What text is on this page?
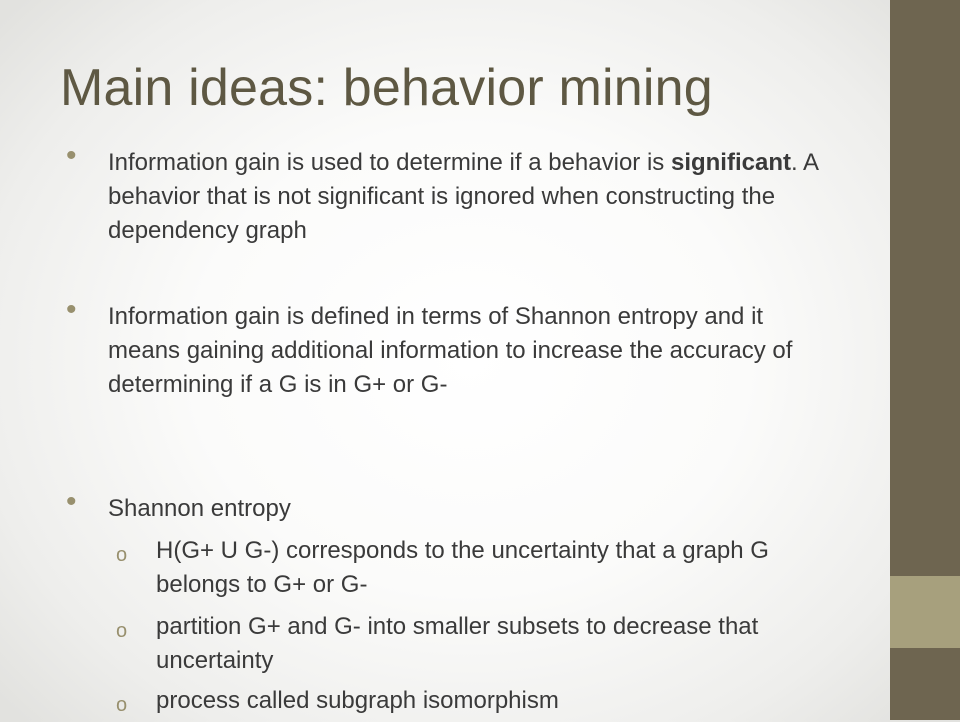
Main ideas: behavior mining
• Information gain is used to determine if a behavior is significant. A behavior that is not significant is ignored when constructing the dependency graph
• Information gain is defined in terms of Shannon entropy and it means gaining additional information to increase the accuracy of determining if a G is in G+ or G-
• Shannon entropy
o H(G+ U G-) corresponds to the uncertainty that a graph G belongs to G+ or G-
o partition G+ and G- into smaller subsets to decrease that uncertainty
o process called subgraph isomorphism
